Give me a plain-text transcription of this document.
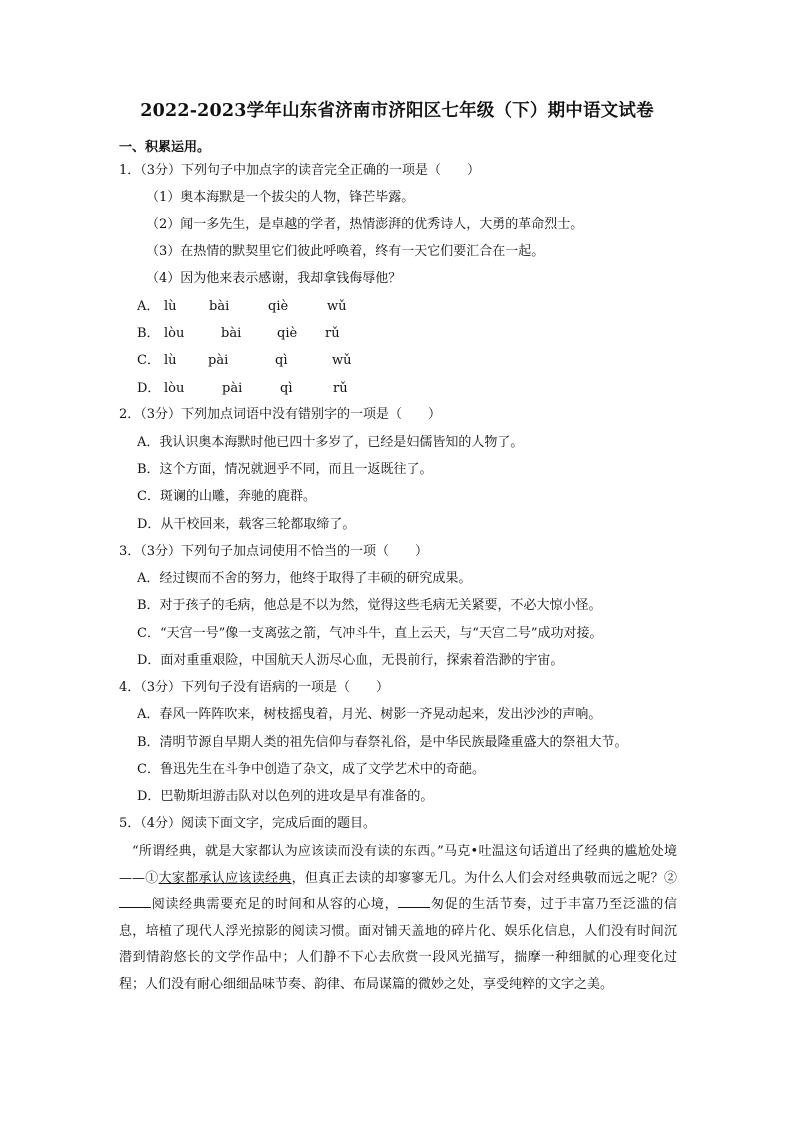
2022-2023学年山东省济南市济阳区七年级（下）期中语文试卷
一、积累运用。
1．（3分）下列句子中加点字的读音完全正确的一项是（　　）
（1）奥本海默是一个拔尖的人物，锋芒毕露。
（2）闻一多先生，是卓越的学者，热情澎湃的优秀诗人，大勇的革命烈士。
（3）在热情的默契里它们彼此呼唤着，终有一天它们要汇合在一起。
（4）因为他来表示感谢，我却拿钱侮辱他？
A． lù bài	qiè	wǔ
B． lòu	bài	qiè rǔ
C． lù pài	qì	wǔ
D． lòu	pài	qì	rǔ
2．（3分）下列加点词语中没有错别字的一项是（　　）
A．我认识奥本海默时他已四十多岁了，已经是妇儒皆知的人物了。
B．这个方面，情况就迥乎不同，而且一返既往了。
C．斑谰的山雕，奔驰的鹿群。
D．从干校回来，载客三轮都取缔了。
3．（3分）下列句子加点词使用不恰当的一项（　　）
A．经过锲而不舍的努力，他终于取得了丰硕的研究成果。
B．对于孩子的毛病，他总是不以为然，觉得这些毛病无关紧要，不必大惊小怪。
C．“天宫一号”像一支离弦之箭，气冲斗牛，直上云天，与“天宫二号”成功对接。
D．面对重重艰险，中国航天人沥尽心血，无畏前行，探索着浩渺的宇宙。
4．（3分）下列句子没有语病的一项是（　　）
A．春风一阵阵吹来，树枝摇曳着，月光、树影一齐晃动起来，发出沙沙的声响。
B．清明节源自早期人类的祖先信仰与春祭礼俗，是中华民族最隆重盛大的祭祖大节。
C．鲁迅先生在斗争中创造了杂文，成了文学艺术中的奇葩。
D．巴勒斯坦游击队对以色列的进攻是早有准备的。
5．（4分）阅读下面文字，完成后面的题目。
“所谓经典，就是大家都认为应该读而没有读的东西。”马克•吐温这句话道出了经典的尴尬处境——①大家都承认应该读经典，但真正去读的却寥寥无几。为什么人们会对经典敬而远之呢？②阅读经典需要充足的时间和从容的心境， 匆促的生活节奏，过于丰富乃至泛滥的信息，培植了现代人浮光掠影的阅读习惯。面对铺天盖地的碎片化、娱乐化信息，人们没有时间沉潜到情韵悠长的文学作品中；人们静不下心去欣赏一段风光描写，揣摩一种细腻的心理变化过程；人们没有耐心细细品味节奏、韵律、布局谋篇的微妙之处，享受纯粹的文字之美。
